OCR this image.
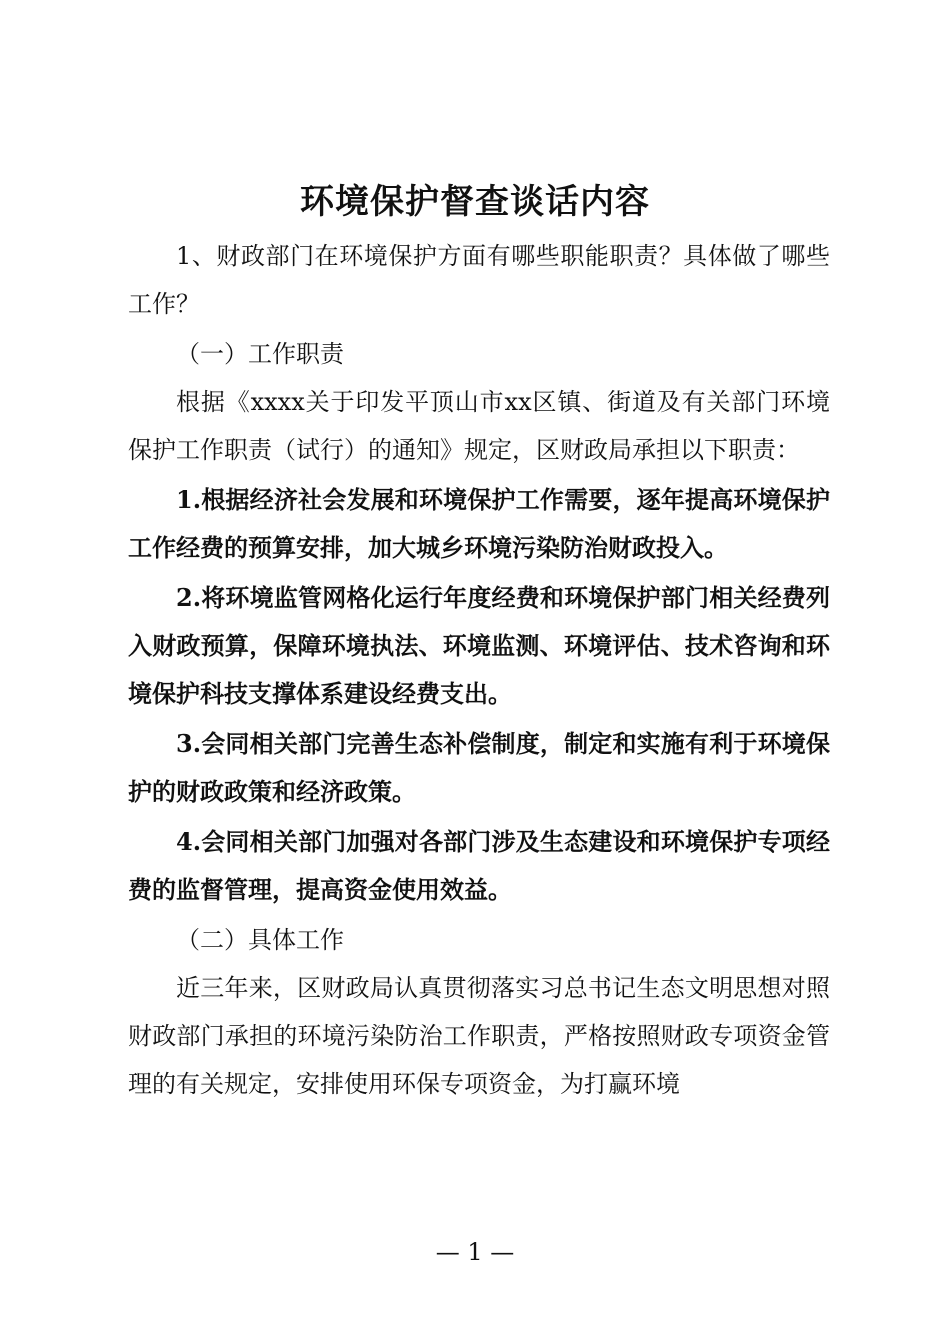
环境保护督查谈话内容

1、财政部门在环境保护方面有哪些职能职责？具体做了哪些工作？

（一）工作职责

根据《xxxx关于印发平顶山市xx区镇、街道及有关部门环境保护工作职责（试行）的通知》规定，区财政局承担以下职责：

1.根据经济社会发展和环境保护工作需要，逐年提高环境保护工作经费的预算安排，加大城乡环境污染防治财政投入。

2.将环境监管网格化运行年度经费和环境保护部门相关经费列入财政预算，保障环境执法、环境监测、环境评估、技术咨询和环境保护科技支撑体系建设经费支出。

3.会同相关部门完善生态补偿制度，制定和实施有利于环境保护的财政政策和经济政策。

4.会同相关部门加强对各部门涉及生态建设和环境保护专项经费的监督管理，提高资金使用效益。

（二）具体工作

近三年来，区财政局认真贯彻落实习总书记生态文明思想对照财政部门承担的环境污染防治工作职责，严格按照财政专项资金管理的有关规定，安排使用环保专项资金，为打赢环境

— 1 —
